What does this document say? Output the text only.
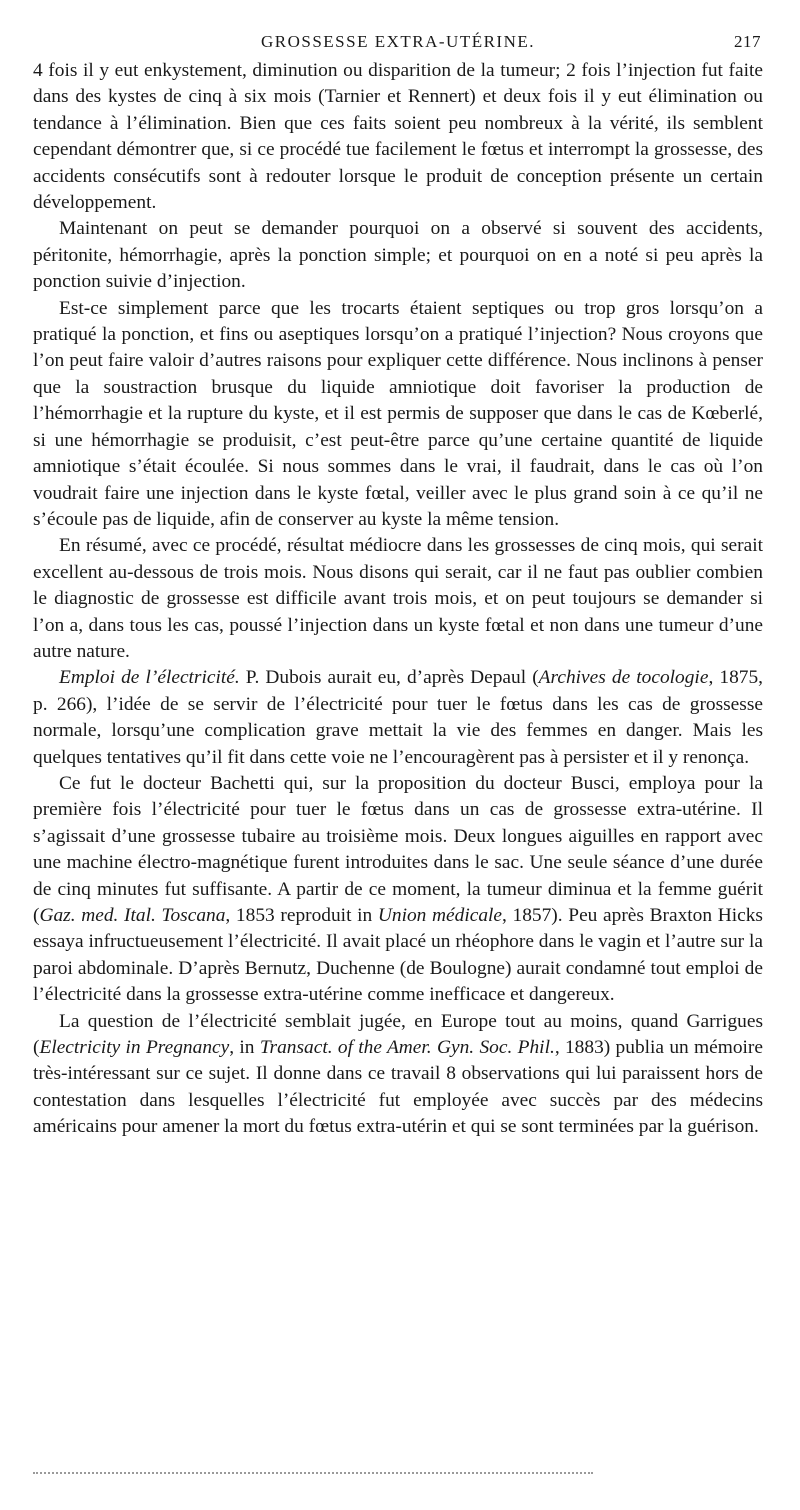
GROSSESSE EXTRA-UTÉRINE.	217

4 fois il y eut enkystement, diminution ou disparition de la tumeur; 2 fois l’injection fut faite dans des kystes de cinq à six mois (Tarnier et Rennert) et deux fois il y eut élimination ou tendance à l’élimination. Bien que ces faits soient peu nombreux à la vérité, ils semblent cependant démontrer que, si ce procédé tue facilement le fœtus et interrompt la grossesse, des accidents consécutifs sont à redouter lorsque le produit de conception présente un certain développement.

Maintenant on peut se demander pourquoi on a observé si souvent des accidents, péritonite, hémorrhagie, après la ponction simple; et pourquoi on en a noté si peu après la ponction suivie d’injection.

Est-ce simplement parce que les trocarts étaient septiques ou trop gros lorsqu’on a pratiqué la ponction, et fins ou aseptiques lorsqu’on a pratiqué l’injection? Nous croyons que l’on peut faire valoir d’autres raisons pour expliquer cette différence. Nous inclinons à penser que la soustraction brusque du liquide amniotique doit favoriser la production de l’hémorrhagie et la rupture du kyste, et il est permis de supposer que dans le cas de Kœberlé, si une hémorrhagie se produisit, c’est peut-être parce qu’une certaine quantité de liquide amniotique s’était écoulée. Si nous sommes dans le vrai, il faudrait, dans le cas où l’on voudrait faire une injection dans le kyste fœtal, veiller avec le plus grand soin à ce qu’il ne s’écoule pas de liquide, afin de conserver au kyste la même tension.

En résumé, avec ce procédé, résultat médiocre dans les grossesses de cinq mois, qui serait excellent au-dessous de trois mois. Nous disons qui serait, car il ne faut pas oublier combien le diagnostic de grossesse est difficile avant trois mois, et on peut toujours se demander si l’on a, dans tous les cas, poussé l’injection dans un kyste fœtal et non dans une tumeur d’une autre nature.

Emploi de l’électricité. P. Dubois aurait eu, d’après Depaul (Archives de tocologie, 1875, p. 266), l’idée de se servir de l’électricité pour tuer le fœtus dans les cas de grossesse normale, lorsqu’une complication grave mettait la vie des femmes en danger. Mais les quelques tentatives qu’il fit dans cette voie ne l’encouragèrent pas à persister et il y renonça.

Ce fut le docteur Bachetti qui, sur la proposition du docteur Busci, employa pour la première fois l’électricité pour tuer le fœtus dans un cas de grossesse extra-utérine. Il s’agissait d’une grossesse tubaire au troisième mois. Deux longues aiguilles en rapport avec une machine électro-magnétique furent introduites dans le sac. Une seule séance d’une durée de cinq minutes fut suffisante. A partir de ce moment, la tumeur diminua et la femme guérit (Gaz. med. Ital. Toscana, 1853 reproduit in Union médicale, 1857). Peu après Braxton Hicks essaya infructueusement l’électricité. Il avait placé un rhéophore dans le vagin et l’autre sur la paroi abdominale. D’après Bernutz, Duchenne (de Boulogne) aurait condamné tout emploi de l’électricité dans la grossesse extra-utérine comme inefficace et dangereux.

La question de l’électricité semblait jugée, en Europe tout au moins, quand Garrigues (Electricity in Pregnancy, in Transact. of the Amer. Gyn. Soc. Phil., 1883) publia un mémoire très-intéressant sur ce sujet. Il donne dans ce travail 8 observations qui lui paraissent hors de contestation dans lesquelles l’électricité fut employée avec succès par des médecins américains pour amener la mort du fœtus extra-utérin et qui se sont terminées par la guérison.
